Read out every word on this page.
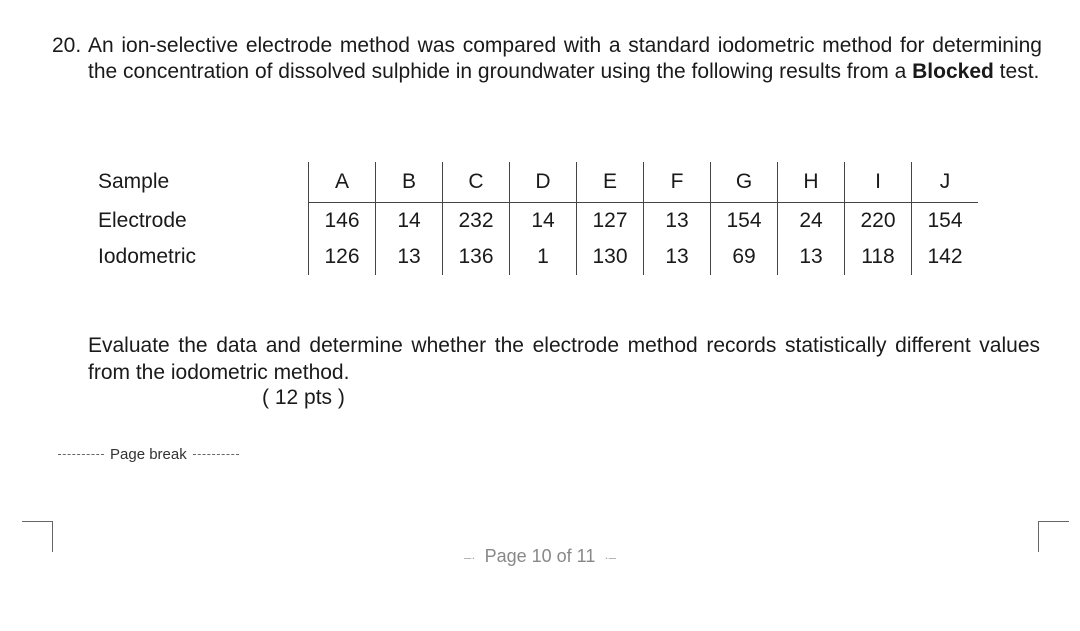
20. An ion-selective electrode method was compared with a standard iodometric method for determining the concentration of dissolved sulphide in groundwater using the following results from a Blocked test.
Sample	A	B	C	D	E	F	G	H	I	J
Electrode	146	14	232	14	127	13	154	24	220	154
Iodometric	126	13	136	1	130	13	69	13	118	142
Evaluate the data and determine whether the electrode method records statistically different values from the iodometric method.
( 12 pts )
Page break
–· Page 10 of 11 ·–
